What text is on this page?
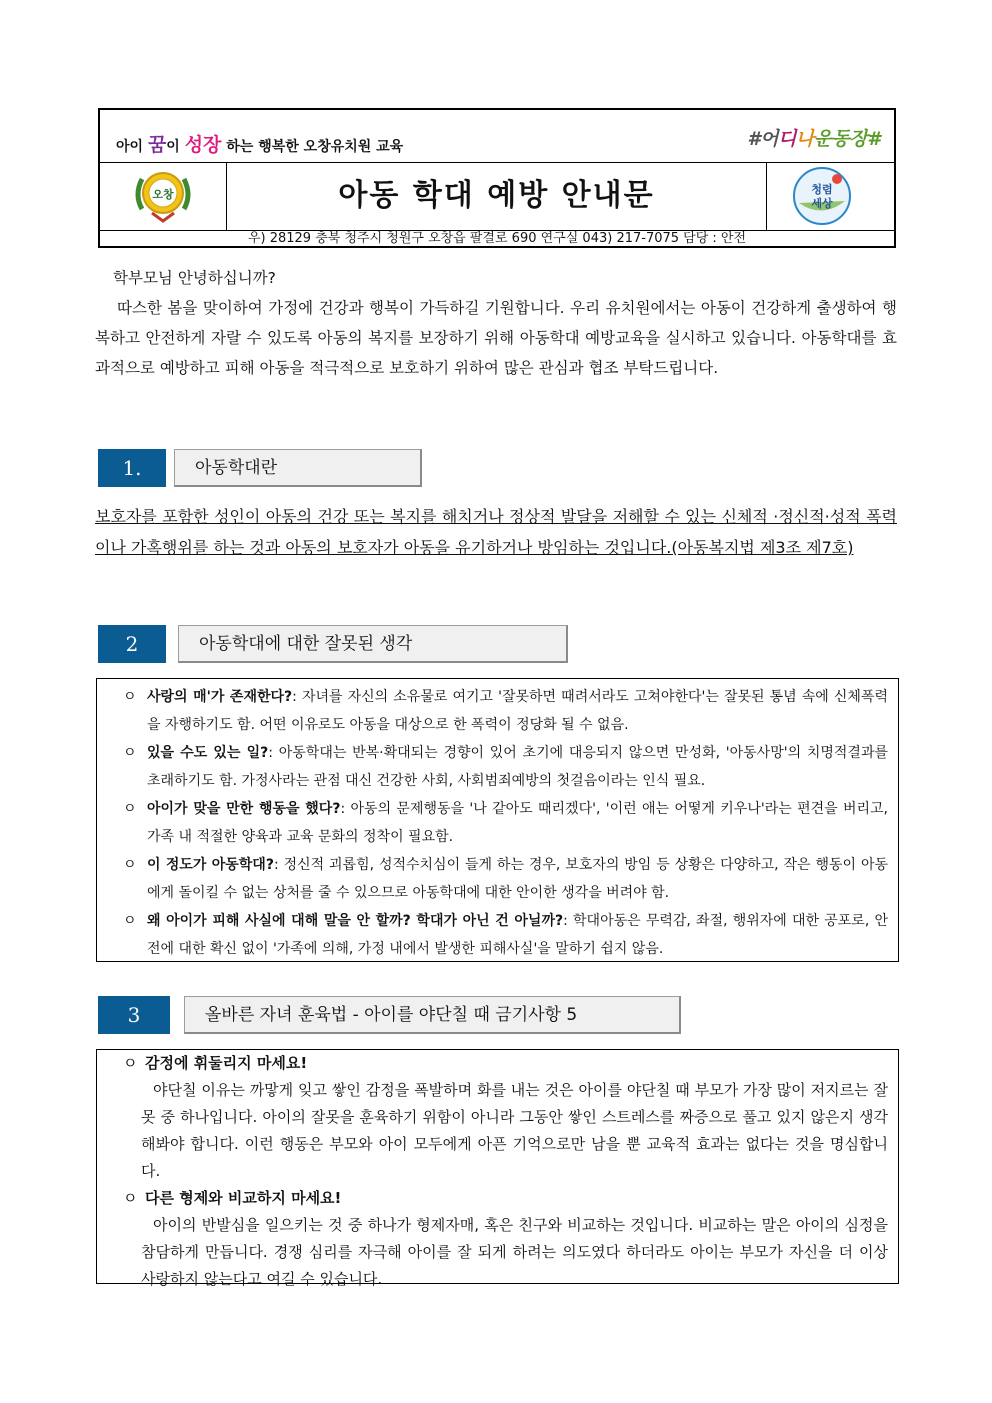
아이 꿈이 성장 하는 행복한 오창유치원 교육	#어디나운동장#
오창	아동 학대 예방 안내문	청렴
세상
우) 28129 충북 청주시 청원구 오창읍 팔결로 690 연구실 043) 217-7075 담당 : 안전

학부모님 안녕하십니까?

따스한 봄을 맞이하여 가정에 건강과 행복이 가득하길 기원합니다. 우리 유치원에서는 아동이 건강하게 출생하여 행복하고 안전하게 자랄 수 있도록 아동의 복지를 보장하기 위해 아동학대 예방교육을 실시하고 있습니다. 아동학대를 효과적으로 예방하고 피해 아동을 적극적으로 보호하기 위하여 많은 관심과 협조 부탁드립니다.

1.	아동학대란
보호자를 포함한 성인이 아동의 건강 또는 복지를 해치거나 정상적 발달을 저해할 수 있는 신체적 ·정신적·성적 폭력이나 가혹행위를 하는 것과 아동의 보호자가 아동을 유기하거나 방임하는 것입니다.(아동복지법 제3조 제7호)
2	아동학대에 대한 잘못된 생각
ㅇ 사랑의 매'가 존재한다?: 자녀를 자신의 소유물로 여기고 '잘못하면 때려서라도 고쳐야한다'는 잘못된 통념 속에 신체폭력을 자행하기도 함. 어떤 이유로도 아동을 대상으로 한 폭력이 정당화 될 수 없음.
ㅇ 있을 수도 있는 일?: 아동학대는 반복·확대되는 경향이 있어 초기에 대응되지 않으면 만성화, '아동사망'의 치명적결과를 초래하기도 함. 가정사라는 관점 대신 건강한 사회, 사회범죄예방의 첫걸음이라는 인식 필요.
ㅇ 아이가 맞을 만한 행동을 했다?: 아동의 문제행동을 '나 같아도 때리겠다', '이런 애는 어떻게 키우나'라는 편견을 버리고, 가족 내 적절한 양육과 교육 문화의 정착이 필요함.
ㅇ 이 정도가 아동학대?: 정신적 괴롭힘, 성적수치심이 들게 하는 경우, 보호자의 방임 등 상황은 다양하고, 작은 행동이 아동에게 돌이킬 수 없는 상처를 줄 수 있으므로 아동학대에 대한 안이한 생각을 버려야 함.
ㅇ 왜 아이가 피해 사실에 대해 말을 안 할까? 학대가 아닌 건 아닐까?: 학대아동은 무력감, 좌절, 행위자에 대한 공포로, 안전에 대한 확신 없이 '가족에 의해, 가정 내에서 발생한 피해사실'을 말하기 쉽지 않음.
3	올바른 자녀 훈육법 - 아이를 야단칠 때 금기사항 5
ㅇ 감정에 휘둘리지 마세요!
야단칠 이유는 까맣게 잊고 쌓인 감정을 폭발하며 화를 내는 것은 아이를 야단칠 때 부모가 가장 많이 저지르는 잘못 중 하나입니다. 아이의 잘못을 훈육하기 위함이 아니라 그동안 쌓인 스트레스를 짜증으로 풀고 있지 않은지 생각해봐야 합니다. 이런 행동은 부모와 아이 모두에게 아픈 기억으로만 남을 뿐 교육적 효과는 없다는 것을 명심합니다.
ㅇ 다른 형제와 비교하지 마세요!
아이의 반발심을 일으키는 것 중 하나가 형제자매, 혹은 친구와 비교하는 것입니다. 비교하는 말은 아이의 심정을 참담하게 만듭니다. 경쟁 심리를 자극해 아이를 잘 되게 하려는 의도였다 하더라도 아이는 부모가 자신을 더 이상 사랑하지 않는다고 여길 수 있습니다.
